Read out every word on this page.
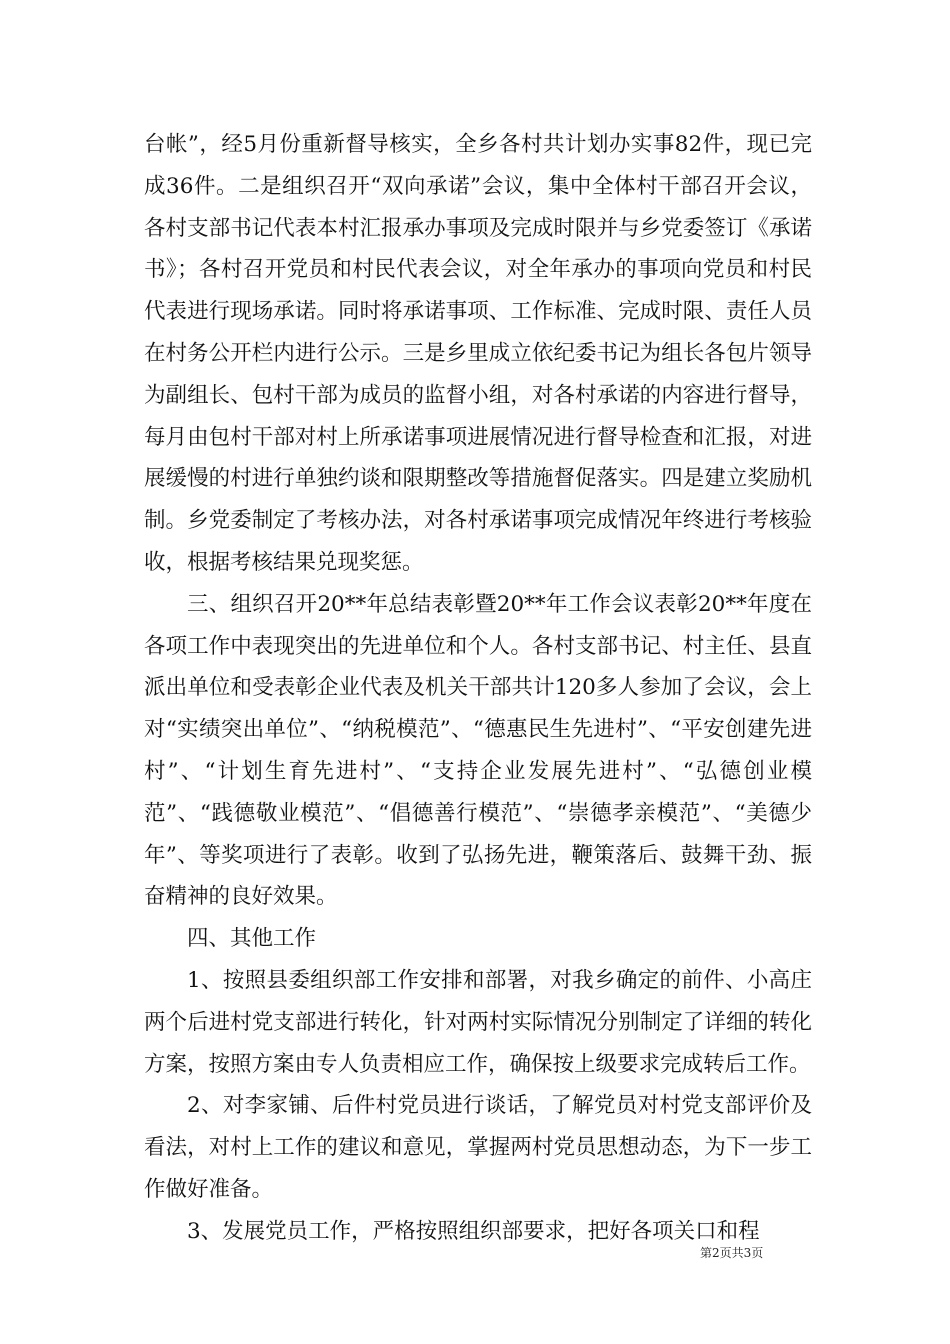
台帐”，经5月份重新督导核实，全乡各村共计划办实事82件，现已完成36件。二是组织召开“双向承诺”会议，集中全体村干部召开会议，各村支部书记代表本村汇报承办事项及完成时限并与乡党委签订《承诺书》；各村召开党员和村民代表会议，对全年承办的事项向党员和村民代表进行现场承诺。同时将承诺事项、工作标准、完成时限、责任人员在村务公开栏内进行公示。三是乡里成立依纪委书记为组长各包片领导为副组长、包村干部为成员的监督小组，对各村承诺的内容进行督导，每月由包村干部对村上所承诺事项进展情况进行督导检查和汇报，对进展缓慢的村进行单独约谈和限期整改等措施督促落实。四是建立奖励机制。乡党委制定了考核办法，对各村承诺事项完成情况年终进行考核验收，根据考核结果兑现奖惩。

三、组织召开20**年总结表彰暨20**年工作会议表彰20**年度在各项工作中表现突出的先进单位和个人。各村支部书记、村主任、县直派出单位和受表彰企业代表及机关干部共计120多人参加了会议，会上对“实绩突出单位”、“纳税模范”、“德惠民生先进村”、“平安创建先进村”、“计划生育先进村”、“支持企业发展先进村”、“弘德创业模范”、“践德敬业模范”、“倡德善行模范”、“崇德孝亲模范”、“美德少年”、等奖项进行了表彰。收到了弘扬先进，鞭策落后、鼓舞干劲、振奋精神的良好效果。

四、其他工作

1、按照县委组织部工作安排和部署，对我乡确定的前件、小高庄两个后进村党支部进行转化，针对两村实际情况分别制定了详细的转化方案，按照方案由专人负责相应工作，确保按上级要求完成转后工作。

2、对李家铺、后件村党员进行谈话，了解党员对村党支部评价及看法，对村上工作的建议和意见，掌握两村党员思想动态，为下一步工作做好准备。

3、发展党员工作，严格按照组织部要求，把好各项关口和程

第2页共3页
